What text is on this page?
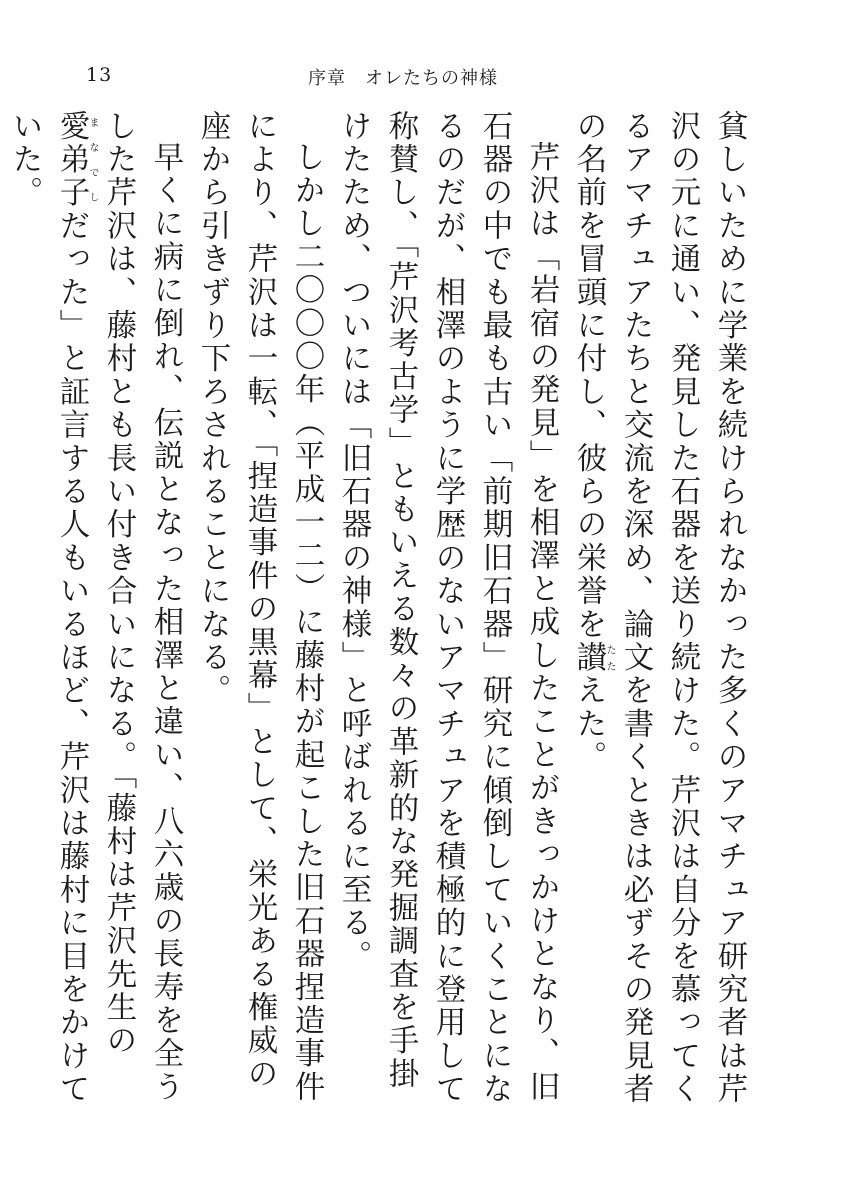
13	序章　オレたちの神様

貧しいために学業を続けられなかった多くのアマチュア研究者は芹沢の元に通い、発見した石器を送り続けた。芹沢は自分を慕ってくるアマチュアたちと交流を深め、論文を書くときは必ずその発見者の名前を冒頭に付し、彼らの栄誉を讃たたえた。

芹沢は「岩宿の発見」を相澤と成したことがきっかけとなり、旧石器の中でも最も古い「前期旧石器」研究に傾倒していくことになるのだが、相澤のように学歴のないアマチュアを積極的に登用して称賛し、「芹沢考古学」ともいえる数々の革新的な発掘調査を手掛けたため、ついには「旧石器の神様」と呼ばれるに至る。

しかし二〇〇〇年（平成一二）に藤村が起こした旧石器捏造事件により、芹沢は一転、「捏造事件の黒幕」として、栄光ある権威の座から引きずり下ろされることになる。

早くに病に倒れ、伝説となった相澤と違い、八六歳の長寿を全うした芹沢は、藤村とも長い付き合いになる。「藤村は芹沢先生の愛弟子まなでしだった」と証言する人もいるほど、芹沢は藤村に目をかけていた。
